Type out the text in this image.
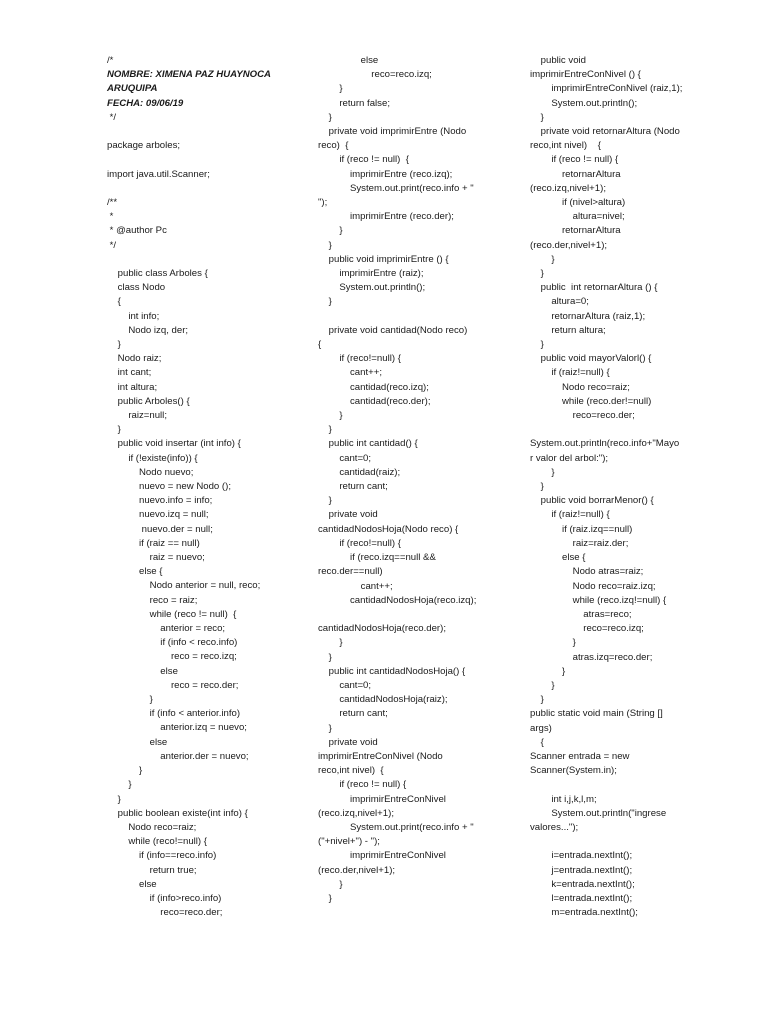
/*
NOMBRE: XIMENA PAZ HUAYNOCA
ARUQUIPA
FECHA: 09/06/19
*/
package arboles;
import java.util.Scanner;
/**
*
* @author Pc
*/
public class Arboles {
class Nodo
{
int info;
Nodo izq, der;
}
Nodo raiz;
int cant;
int altura;
public Arboles() {
raiz=null;
}
public void insertar (int info) {
if (!existe(info)) {
Nodo nuevo;
nuevo = new Nodo ();
nuevo.info = info;
nuevo.izq = null;
nuevo.der = null;
if (raiz == null)
raiz = nuevo;
else {
Nodo anterior = null, reco;
reco = raiz;
while (reco != null)  {
anterior = reco;
if (info < reco.info)
reco = reco.izq;
else
reco = reco.der;
}
if (info < anterior.info)
anterior.izq = nuevo;
else
anterior.der = nuevo;
}
}
}
public boolean existe(int info) {
Nodo reco=raiz;
while (reco!=null) {
if (info==reco.info)
return true;
else
if (info>reco.info)
reco=reco.der;
else
reco=reco.izq;
}
return false;
}
private void imprimirEntre (Nodo
reco)  {
if (reco != null)  {
imprimirEntre (reco.izq);
System.out.print(reco.info + "
");
imprimirEntre (reco.der);
}
}
public void imprimirEntre () {
imprimirEntre (raiz);
System.out.println();
}
private void cantidad(Nodo reco)
{
if (reco!=null) {
cant++;
cantidad(reco.izq);
cantidad(reco.der);
}
}
public int cantidad() {
cant=0;
cantidad(raiz);
return cant;
}
private void
cantidadNodosHoja(Nodo reco) {
if (reco!=null) {
if (reco.izq==null &&
reco.der==null)
cant++;
cantidadNodosHoja(reco.izq);
cantidadNodosHoja(reco.der);
}
}
public int cantidadNodosHoja() {
cant=0;
cantidadNodosHoja(raiz);
return cant;
}
private void
imprimirEntreConNivel (Nodo
reco,int nivel)  {
if (reco != null) {
imprimirEntreConNivel
(reco.izq,nivel+1);
System.out.print(reco.info + "
("+nivel+") - ");
imprimirEntreConNivel
(reco.der,nivel+1);
}
}
public void
imprimirEntreConNivel () {
imprimirEntreConNivel (raiz,1);
System.out.println();
}
private void retornarAltura (Nodo
reco,int nivel)    {
if (reco != null) {
retornarAltura
(reco.izq,nivel+1);
if (nivel>altura)
altura=nivel;
retornarAltura
(reco.der,nivel+1);
}
}
public  int retornarAltura () {
altura=0;
retornarAltura (raiz,1);
return altura;
}
public void mayorValorl() {
if (raiz!=null) {
Nodo reco=raiz;
while (reco.der!=null)
reco=reco.der;
System.out.println(reco.info+"Mayo
r valor del arbol:");
}
}
public void borrarMenor() {
if (raiz!=null) {
if (raiz.izq==null)
raiz=raiz.der;
else {
Nodo atras=raiz;
Nodo reco=raiz.izq;
while (reco.izq!=null) {
atras=reco;
reco=reco.izq;
}
atras.izq=reco.der;
}
}
}
public static void main (String []
args)
{
Scanner entrada = new
Scanner(System.in);
int i,j,k,l,m;
System.out.println("ingrese
valores...");
i=entrada.nextInt();
j=entrada.nextInt();
k=entrada.nextInt();
l=entrada.nextInt();
m=entrada.nextInt();
